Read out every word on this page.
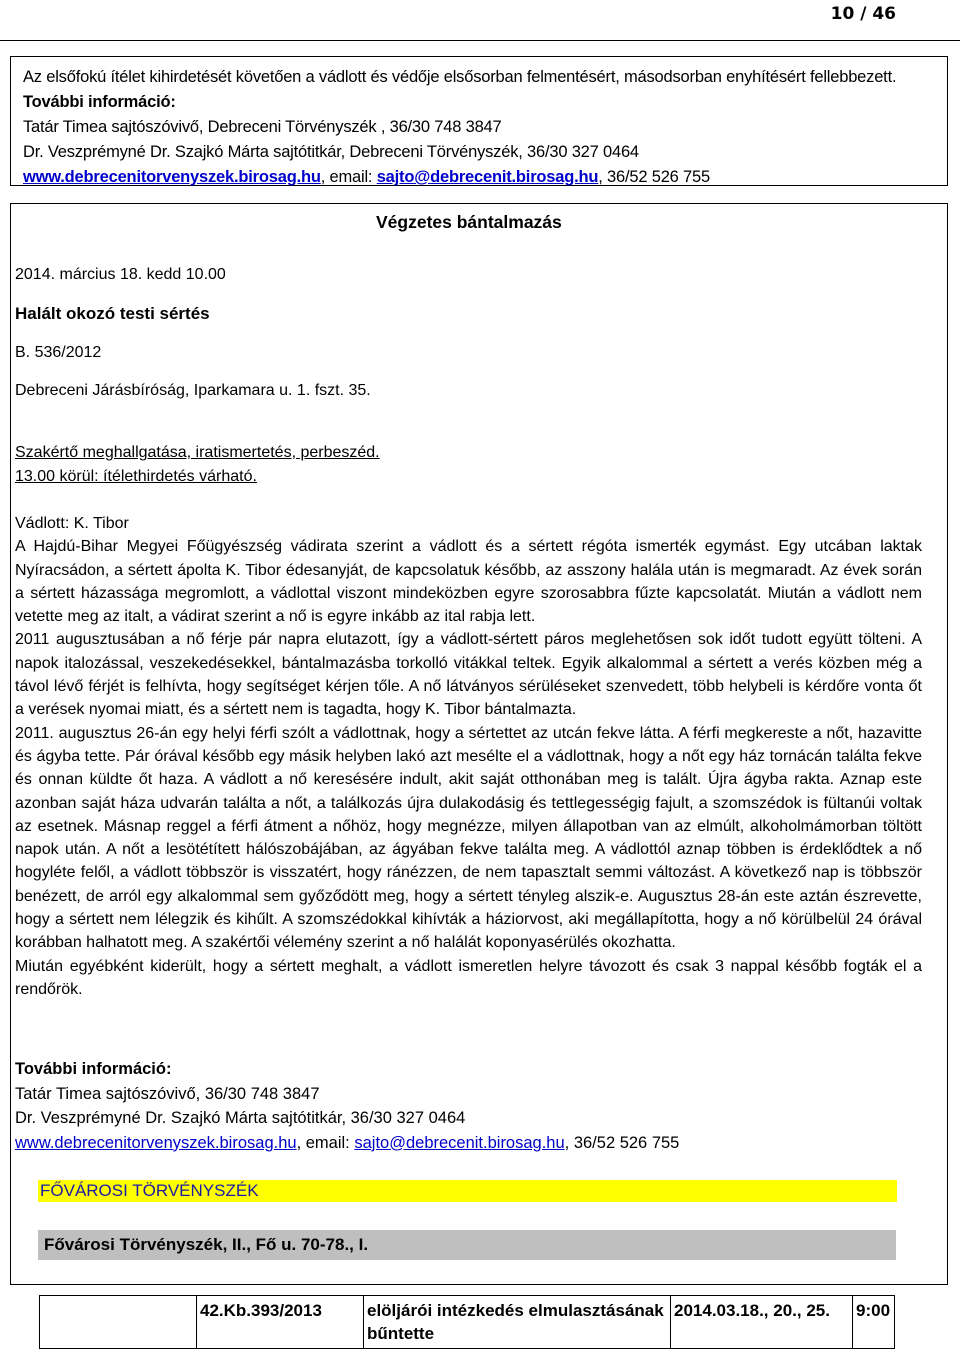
10 / 46
Az elsőfokú ítélet kihirdetését követően a vádlott és védője elsősorban felmentésért, másodsorban enyhítésért fellebbezett.
További információ:
Tatár Timea sajtószóvivő, Debreceni Törvényszék , 36/30 748 3847
Dr. Veszprémyné Dr. Szajkó Márta sajtótitkár, Debreceni Törvényszék, 36/30 327 0464
www.debrecenitorvenyszek.birosag.hu, email: sajto@debrecenit.birosag.hu, 36/52 526 755
Végzetes bántalmazás
2014. március 18. kedd 10.00
Halált okozó testi sértés
B. 536/2012
Debreceni Járásbíróság, Iparkamara u. 1. fszt. 35.
Szakértő meghallgatása, iratismertetés, perbeszéd.
13.00 körül: ítélethirdetés várható.

Vádlott: K. Tibor

A Hajdú-Bihar Megyei Főügyészség vádirata szerint a vádlott és a sértett régóta ismerték egymást. Egy utcában laktak Nyíracsádon, a sértett ápolta K. Tibor édesanyját, de kapcsolatuk később, az asszony halála után is megmaradt. Az évek során a sértett házassága megromlott, a vádlottal viszont mindeközben egyre szorosabbra fűzte kapcsolatát. Miután a vádlott nem vetette meg az italt, a vádirat szerint a nő is egyre inkább az ital rabja lett.

2011 augusztusában a nő férje pár napra elutazott, így a vádlott-sértett páros meglehetősen sok időt tudott együtt tölteni. A napok italozással, veszekedésekkel, bántalmazásba torkolló vitákkal teltek. Egyik alkalommal a sértett a verés közben még a távol lévő férjét is felhívta, hogy segítséget kérjen tőle. A nő látványos sérüléseket szenvedett, több helybeli is kérdőre vonta őt a verések nyomai miatt, és a sértett nem is tagadta, hogy K. Tibor bántalmazta.

2011. augusztus 26-án egy helyi férfi szólt a vádlottnak, hogy a sértettet az utcán fekve látta. A férfi megkereste a nőt, hazavitte és ágyba tette. Pár órával később egy másik helyben lakó azt mesélte el a vádlottnak, hogy a nőt egy ház tornácán találta fekve és onnan küldte őt haza. A vádlott a nő keresésére indult, akit saját otthonában meg is talált. Újra ágyba rakta. Aznap este azonban saját háza udvarán találta a nőt, a találkozás újra dulakodásig és tettlegességig fajult, a szomszédok is fültanúi voltak az esetnek. Másnap reggel a férfi átment a nőhöz, hogy megnézze, milyen állapotban van az elmúlt, alkoholmámorban töltött napok után. A nőt a lesötétített hálószobájában, az ágyában fekve találta meg. A vádlottól aznap többen is érdeklődtek a nő hogyléte felől, a vádlott többször is visszatért, hogy ránézzen, de nem tapasztalt semmi változást. A következő nap is többször benézett, de arról egy alkalommal sem győződött meg, hogy a sértett tényleg alszik-e. Augusztus 28-án este aztán észrevette, hogy a sértett nem lélegzik és kihűlt. A szomszédokkal kihívták a háziorvost, aki megállapította, hogy a nő körülbelül 24 órával korábban halhatott meg. A szakértői vélemény szerint a nő halálát koponyasérülés okozhatta.

Miután egyébként kiderült, hogy a sértett meghalt, a vádlott ismeretlen helyre távozott és csak 3 nappal később fogták el a rendőrök.

További információ:
Tatár Timea sajtószóvivő, 36/30 748 3847
Dr. Veszprémyné Dr. Szajkó Márta sajtótitkár, 36/30 327 0464
www.debrecenitorvenyszek.birosag.hu, email: sajto@debrecenit.birosag.hu, 36/52 526 755
FŐVÁROSI TÖRVÉNYSZÉK
Fővárosi Törvényszék, II., Fő u. 70-78., I.
	42.Kb.393/2013	elöljárói intézkedés elmulasztásának bűntette	2014.03.18., 20., 25.	9:00
